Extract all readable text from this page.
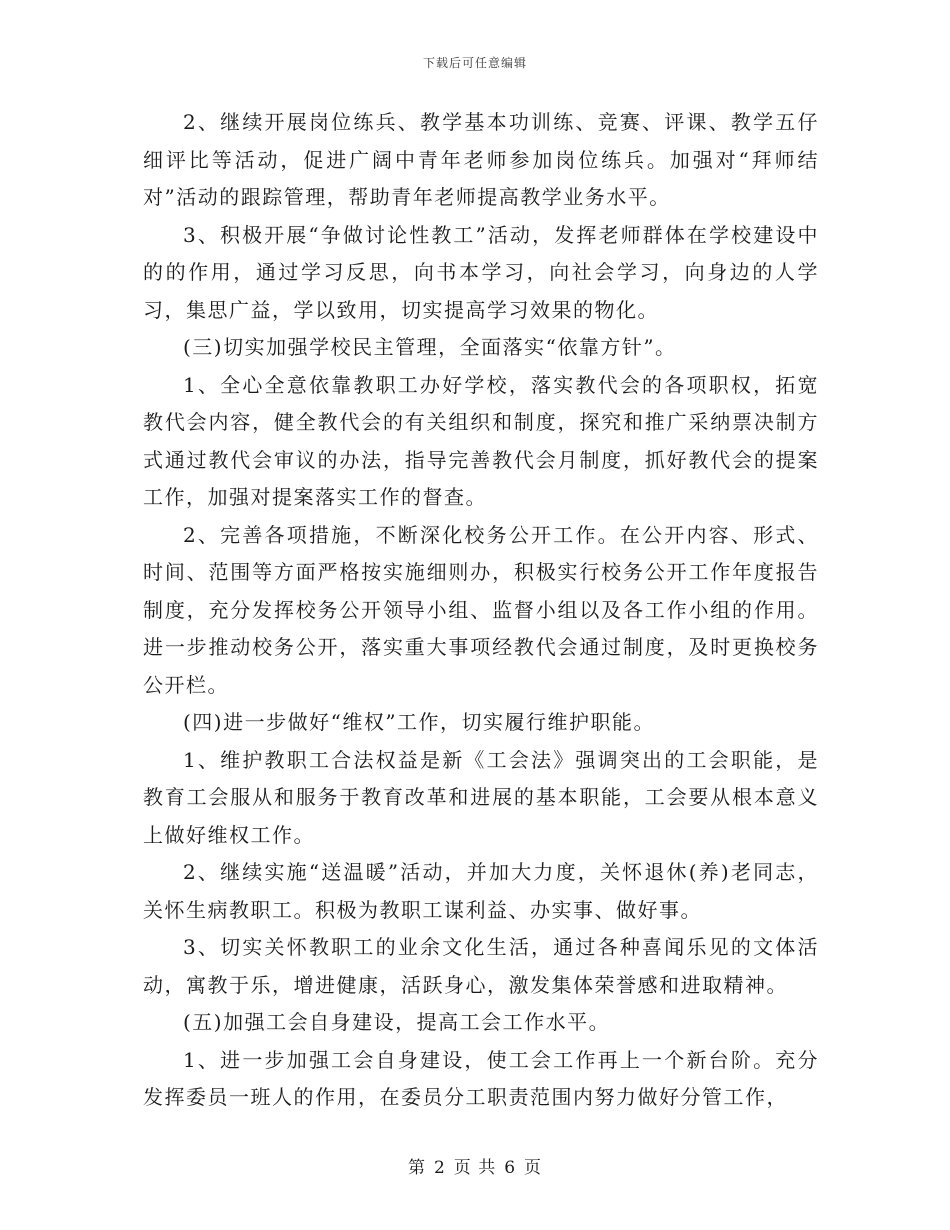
下载后可任意编辑

2、继续开展岗位练兵、教学基本功训练、竞赛、评课、教学五仔细评比等活动，促进广阔中青年老师参加岗位练兵。加强对“拜师结对”活动的跟踪管理，帮助青年老师提高教学业务水平。

3、积极开展“争做讨论性教工”活动，发挥老师群体在学校建设中的的作用，通过学习反思，向书本学习，向社会学习，向身边的人学习，集思广益，学以致用，切实提高学习效果的物化。

(三)切实加强学校民主管理，全面落实“依靠方针”。

1、全心全意依靠教职工办好学校，落实教代会的各项职权，拓宽教代会内容，健全教代会的有关组织和制度，探究和推广采纳票决制方式通过教代会审议的办法，指导完善教代会月制度，抓好教代会的提案工作，加强对提案落实工作的督查。

2、完善各项措施，不断深化校务公开工作。在公开内容、形式、时间、范围等方面严格按实施细则办，积极实行校务公开工作年度报告制度，充分发挥校务公开领导小组、监督小组以及各工作小组的作用。进一步推动校务公开，落实重大事项经教代会通过制度，及时更换校务公开栏。

(四)进一步做好“维权”工作，切实履行维护职能。

1、维护教职工合法权益是新《工会法》强调突出的工会职能，是教育工会服从和服务于教育改革和进展的基本职能，工会要从根本意义上做好维权工作。

2、继续实施“送温暖”活动，并加大力度，关怀退休(养)老同志，关怀生病教职工。积极为教职工谋利益、办实事、做好事。

3、切实关怀教职工的业余文化生活，通过各种喜闻乐见的文体活动，寓教于乐，增进健康，活跃身心，激发集体荣誉感和进取精神。

(五)加强工会自身建设，提高工会工作水平。

1、进一步加强工会自身建设，使工会工作再上一个新台阶。充分发挥委员一班人的作用，在委员分工职责范围内努力做好分管工作，

第 2 页 共 6 页
